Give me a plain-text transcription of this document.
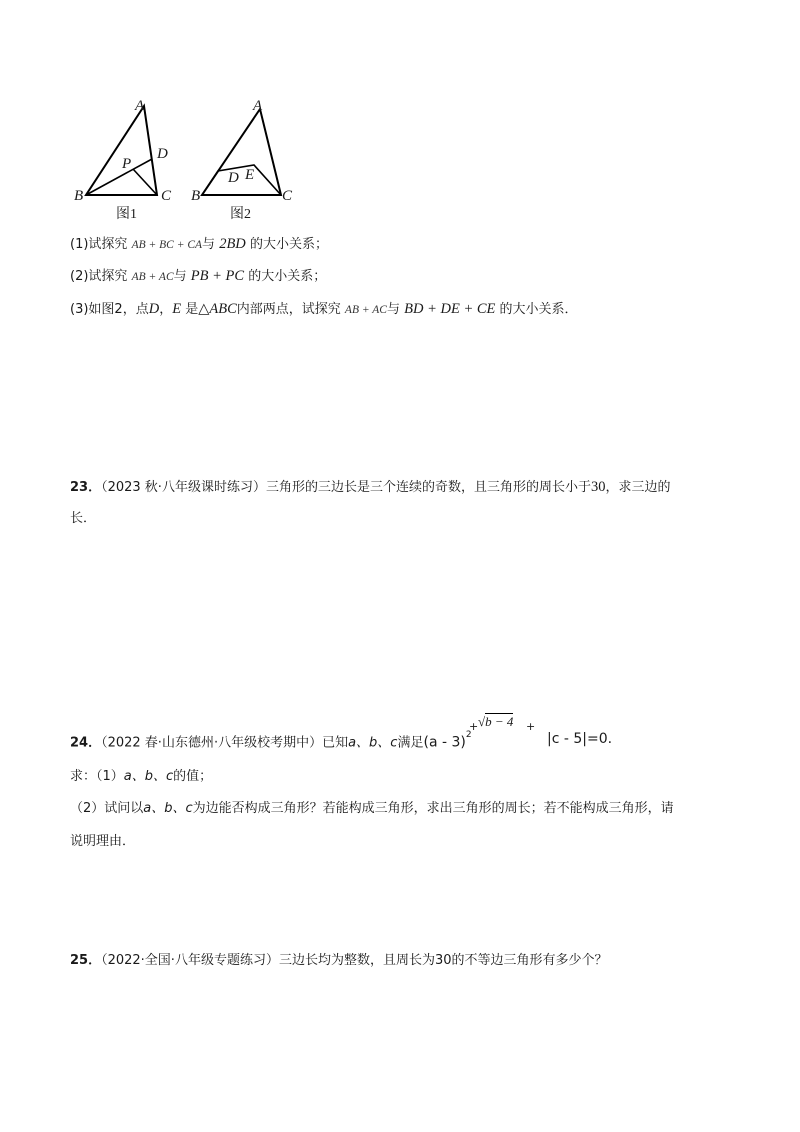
A
B	C
D
P
图1
A
B	C
D E
图2
(1)试探究 AB + BC + CA与 2BD 的大小关系；
(2)试探究 AB + AC与 PB + PC 的大小关系；
(3)如图2，点D，E 是△ABC内部两点，试探究 AB + AC与 BD + DE + CE 的大小关系．
23．（2023 秋·八年级课时练习）三角形的三边长是三个连续的奇数，且三角形的周长小于30，求三边的
长．
24．（2022 春·山东德州·八年级校考期中）已知a、b、c满足(a - 3)$^2$
+ √b − 4 +
|c - 5|=0.
求：（1）a、b、c的值；
（2）试问以a、b、c为边能否构成三角形？若能构成三角形，求出三角形的周长；若不能构成三角形，请
说明理由．
25．（2022·全国·八年级专题练习）三边长均为整数，且周长为30的不等边三角形有多少个？
